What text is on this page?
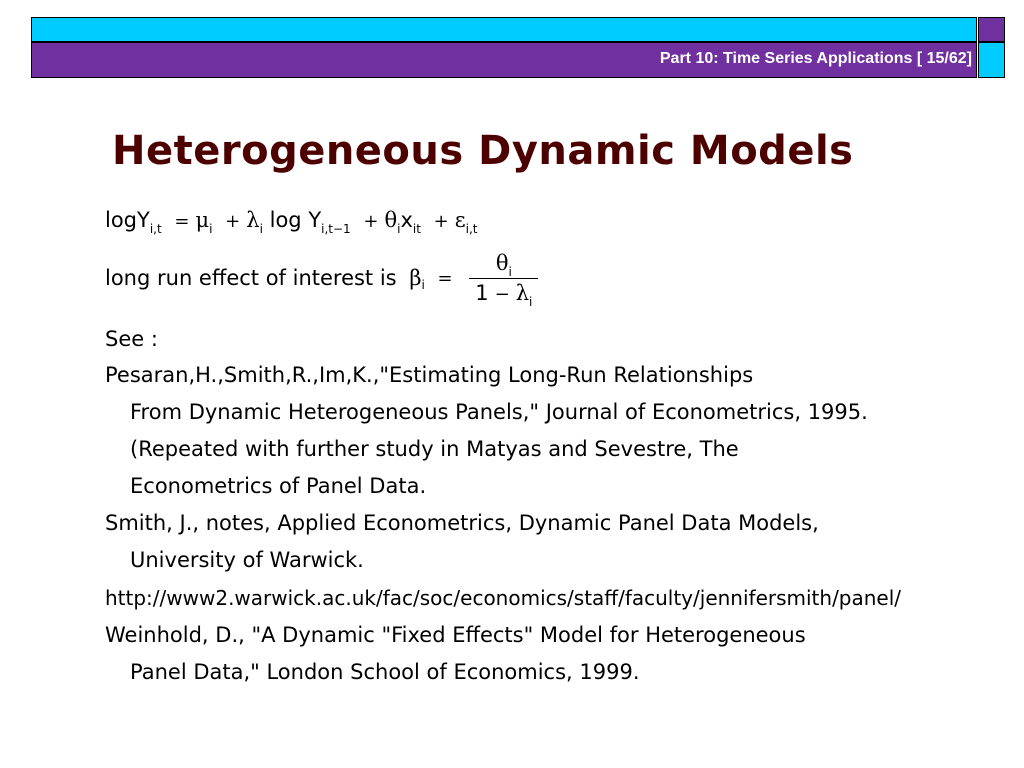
Part 10: Time Series Applications [ 15/62]
Heterogeneous Dynamic Models
$\log Y_{i,t} = \mu_i + \lambda_i$ $\log Y_{i,t-1} + \theta_ix_{it} + \varepsilon_{i,t}$
long run effect of interest is $\beta_i = \frac{\theta_i}{1 - \lambda_i}$
See :
Pesaran,H.,Smith,R.,Im,K.,"Estimating Long-Run Relationships
From Dynamic Heterogeneous Panels," Journal of Econometrics, 1995.
(Repeated with further study in Matyas and Sevestre, The
Econometrics of Panel Data.
Smith, J., notes, Applied Econometrics, Dynamic Panel Data Models,
University of Warwick.
http://www2.warwick.ac.uk/fac/soc/economics/staff/faculty/jennifersmith/panel/
Weinhold, D., "A Dynamic "Fixed Effects" Model for Heterogeneous
Panel Data," London School of Economics, 1999.
